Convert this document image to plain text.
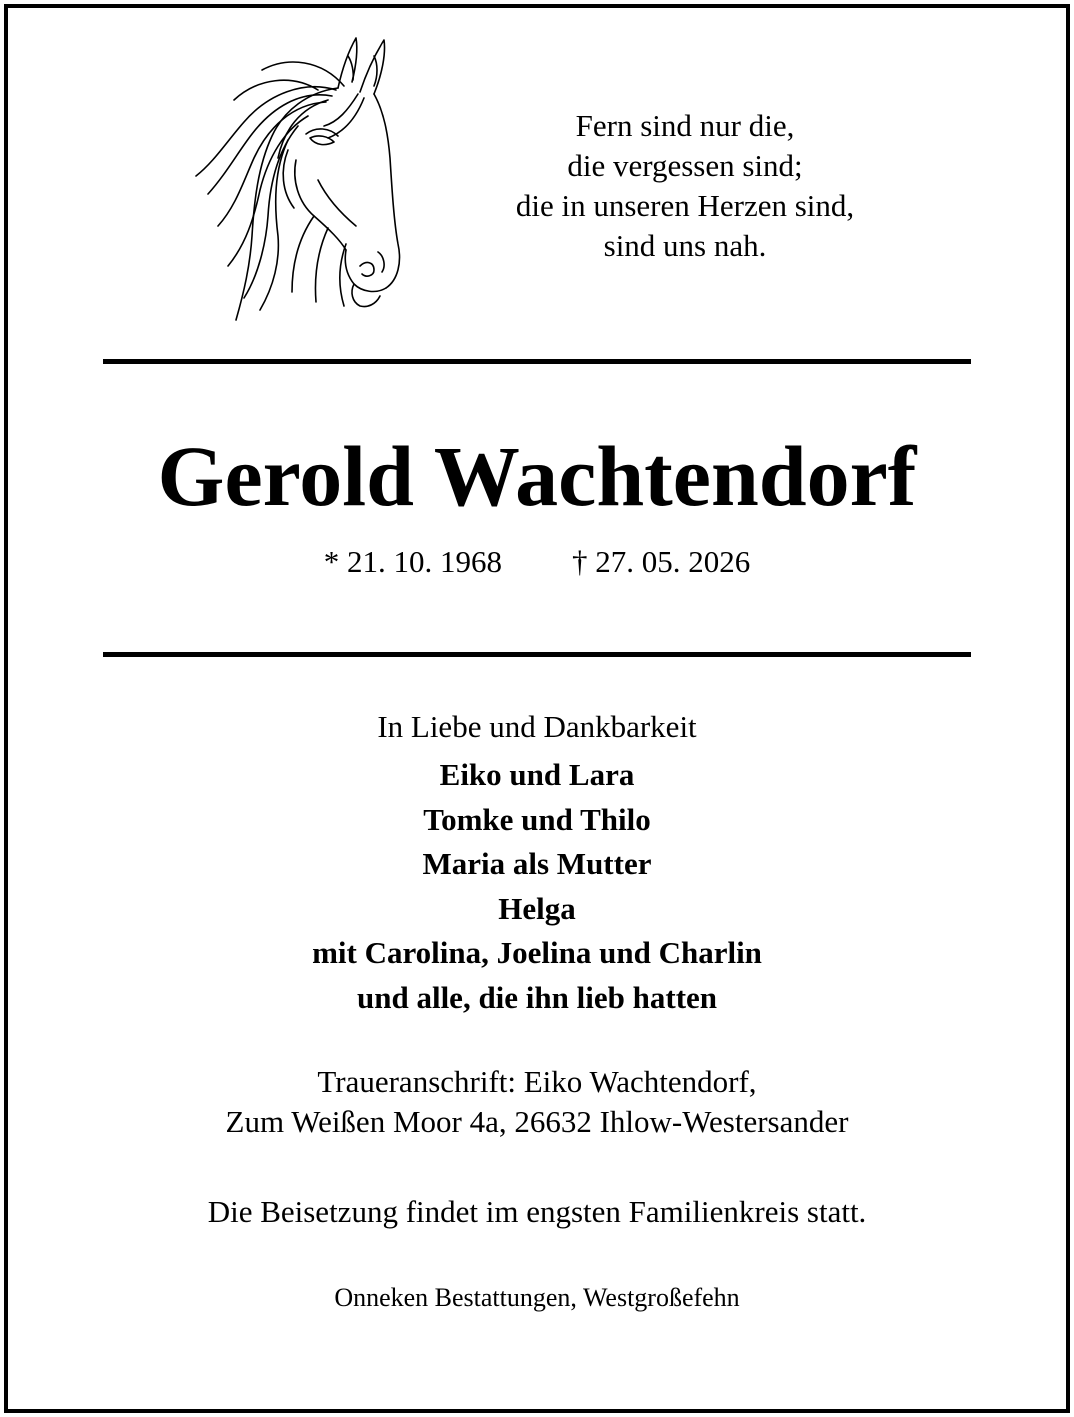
Fern sind nur die,
die vergessen sind;
die in unseren Herzen sind,
sind uns nah.
Gerold Wachtendorf
* 21. 10. 1968 † 27. 05. 2026
In Liebe und Dankbarkeit
Eiko und Lara
Tomke und Thilo
Maria als Mutter
Helga
mit Carolina, Joelina und Charlin
und alle, die ihn lieb hatten
Traueranschrift: Eiko Wachtendorf,
Zum Weißen Moor 4a, 26632 Ihlow-Westersander
Die Beisetzung findet im engsten Familienkreis statt.
Onneken Bestattungen, Westgroßefehn
